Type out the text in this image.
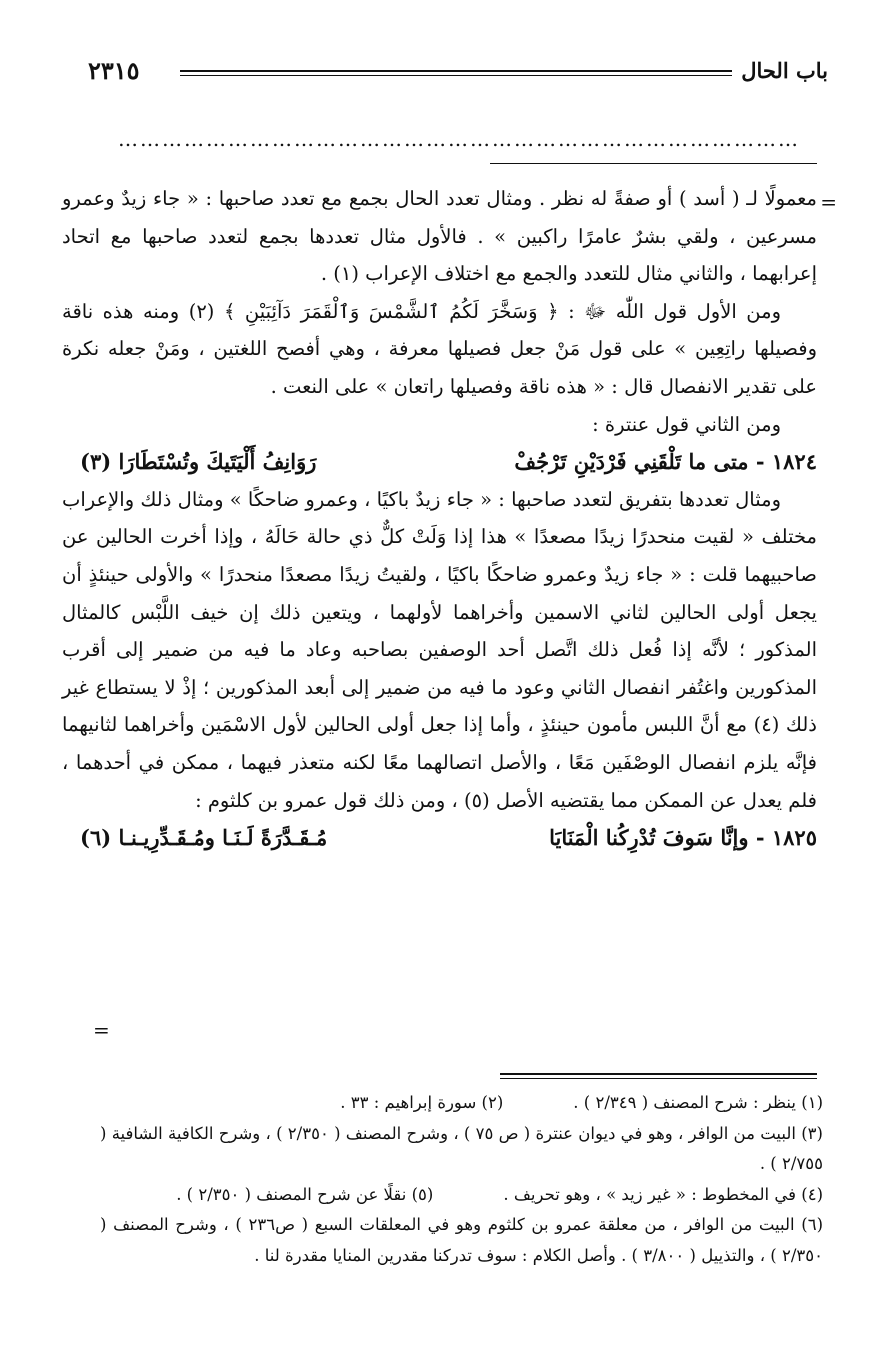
باب الحال
٢٣١٥
…………………………………………………………………………………
=

معمولًا لـ ( أسد ) أو صفةً له نظر . ومثال تعدد الحال بجمع مع تعدد صاحبها : « جاء زيدٌ وعمرو مسرعين ، ولقي بشرٌ عامرًا راكبين » . فالأول مثال تعددها بجمع لتعدد صاحبها مع اتحاد إعرابهما ، والثاني مثال للتعدد والجمع مع اختلاف الإعراب (١) .

ومن الأول قول اللّٰه ﷻ : ﴿ وَسَخَّرَ لَكُمُ ٱلشَّمْسَ وَٱلْقَمَرَ دَآئِبَيْنِ ﴾ (٢) ومنه هذه ناقة وفصيلها راتِعِين » على قول مَنْ جعل فصيلها معرفة ، وهي أفصح اللغتين ، ومَنْ جعله نكرة على تقدير الانفصال قال : « هذه ناقة وفصيلها راتعان » على النعت .

ومن الثاني قول عنترة :

١٨٢٤ - متى ما تَلْقَنِي فَرْدَيْنِ تَرْجُفْ
رَوَانِفُ أَلْيَتَيكَ وتُسْتَطَارَا (٣)

ومثال تعددها بتفريق لتعدد صاحبها : « جاء زيدٌ باكيًا ، وعمرو ضاحكًا » ومثال ذلك والإعراب مختلف « لقيت منحدرًا زيدًا مصعدًا » هذا إذا وَلَتْ كلٌّ ذي حالة حَالَهُ ، وإذا أخرت الحالين عن صاحبيهما قلت : « جاء زيدٌ وعمرو ضاحكًا باكيًا ، ولقيتُ زيدًا مصعدًا منحدرًا » والأولى حينئذٍ أن يجعل أولى الحالين لثاني الاسمين وأخراهما لأولهما ، ويتعين ذلك إن خيف اللَّبْس كالمثال المذكور ؛ لأنَّه إذا فُعل ذلك اتَّصل أحد الوصفين بصاحبه وعاد ما فيه من ضمير إلى أقرب المذكورين واغتُفر انفصال الثاني وعود ما فيه من ضمير إلى أبعد المذكورين ؛ إذْ لا يستطاع غير ذلك (٤) مع أنَّ اللبس مأمون حينئذٍ ، وأما إذا جعل أولى الحالين لأول الاسْمَين وأخراهما لثانيهما فإنَّه يلزم انفصال الوصْفَين مَعًا ، والأصل اتصالهما معًا لكنه متعذر فيهما ، ممكن في أحدهما ، فلم يعدل عن الممكن مما يقتضيه الأصل (٥) ، ومن ذلك قول عمرو بن كلثوم :

١٨٢٥ - وإنَّا سَوفَ تُدْرِكُنا الْمَنَايَا
مُـقَـدَّرَةً لَـنَـا ومُـقَـدِّرِيـنـا (٦)
=
(١) ينظر : شرح المصنف ( ٢/٣٤٩ ) .
(٢) سورة إبراهيم : ٣٣ .

(٣) البيت من الوافر ، وهو في ديوان عنترة ( ص ٧٥ ) ، وشرح المصنف ( ٢/٣٥٠ ) ، وشرح الكافية الشافية ( ٢/٧٥٥ ) .

(٤) في المخطوط : « غير زيد » ، وهو تحريف .
(٥) نقلًا عن شرح المصنف ( ٢/٣٥٠ ) .

(٦) البيت من الوافر ، من معلقة عمرو بن كلثوم وهو في المعلقات السبع ( ص٢٣٦ ) ، وشرح المصنف ( ٢/٣٥٠ ) ، والتذييل ( ٣/٨٠٠ ) . وأصل الكلام : سوف تدركنا مقدرين المنايا مقدرة لنا .
